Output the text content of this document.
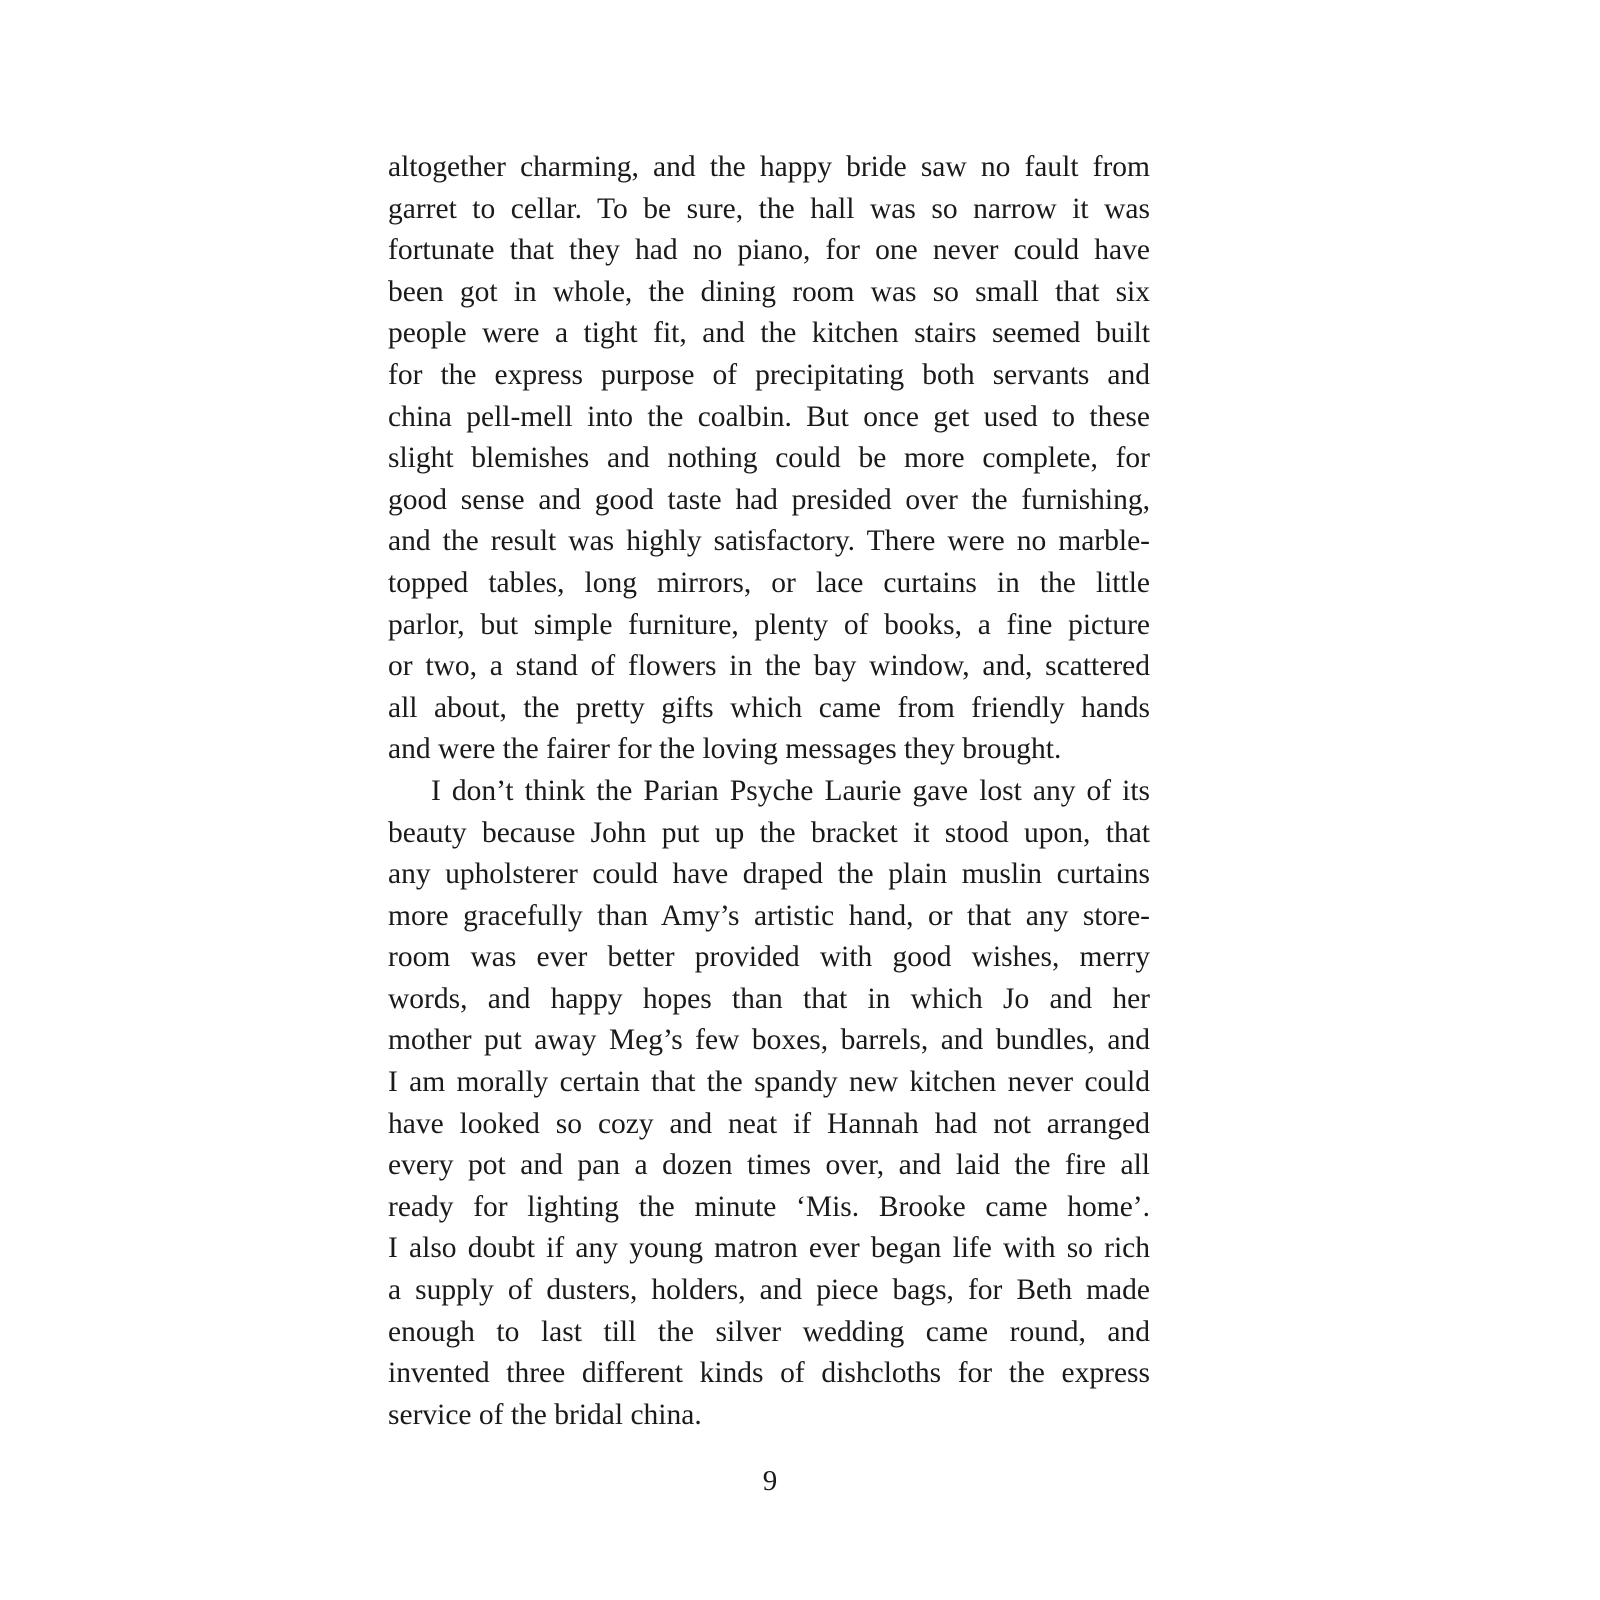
altogether charming, and the happy bride saw no fault from
garret to cellar. To be sure, the hall was so narrow it was
fortunate that they had no piano, for one never could have
been got in whole, the dining room was so small that six
people were a tight fit, and the kitchen stairs seemed built
for the express purpose of precipitating both servants and
china pell-mell into the coalbin. But once get used to these
slight blemishes and nothing could be more complete, for
good sense and good taste had presided over the furnishing,
and the result was highly satisfactory. There were no marble-
topped tables, long mirrors, or lace curtains in the little
parlor, but simple furniture, plenty of books, a fine picture
or two, a stand of flowers in the bay window, and, scattered
all about, the pretty gifts which came from friendly hands
and were the fairer for the loving messages they brought.
I don’t think the Parian Psyche Laurie gave lost any of its
beauty because John put up the bracket it stood upon, that
any upholsterer could have draped the plain muslin curtains
more gracefully than Amy’s artistic hand, or that any store-
room was ever better provided with good wishes, merry
words, and happy hopes than that in which Jo and her
mother put away Meg’s few boxes, barrels, and bundles, and
I am morally certain that the spandy new kitchen never could
have looked so cozy and neat if Hannah had not arranged
every pot and pan a dozen times over, and laid the fire all
ready for lighting the minute ‘Mis. Brooke came home’.
I also doubt if any young matron ever began life with so rich
a supply of dusters, holders, and piece bags, for Beth made
enough to last till the silver wedding came round, and
invented three different kinds of dishcloths for the express
service of the bridal china.
9
